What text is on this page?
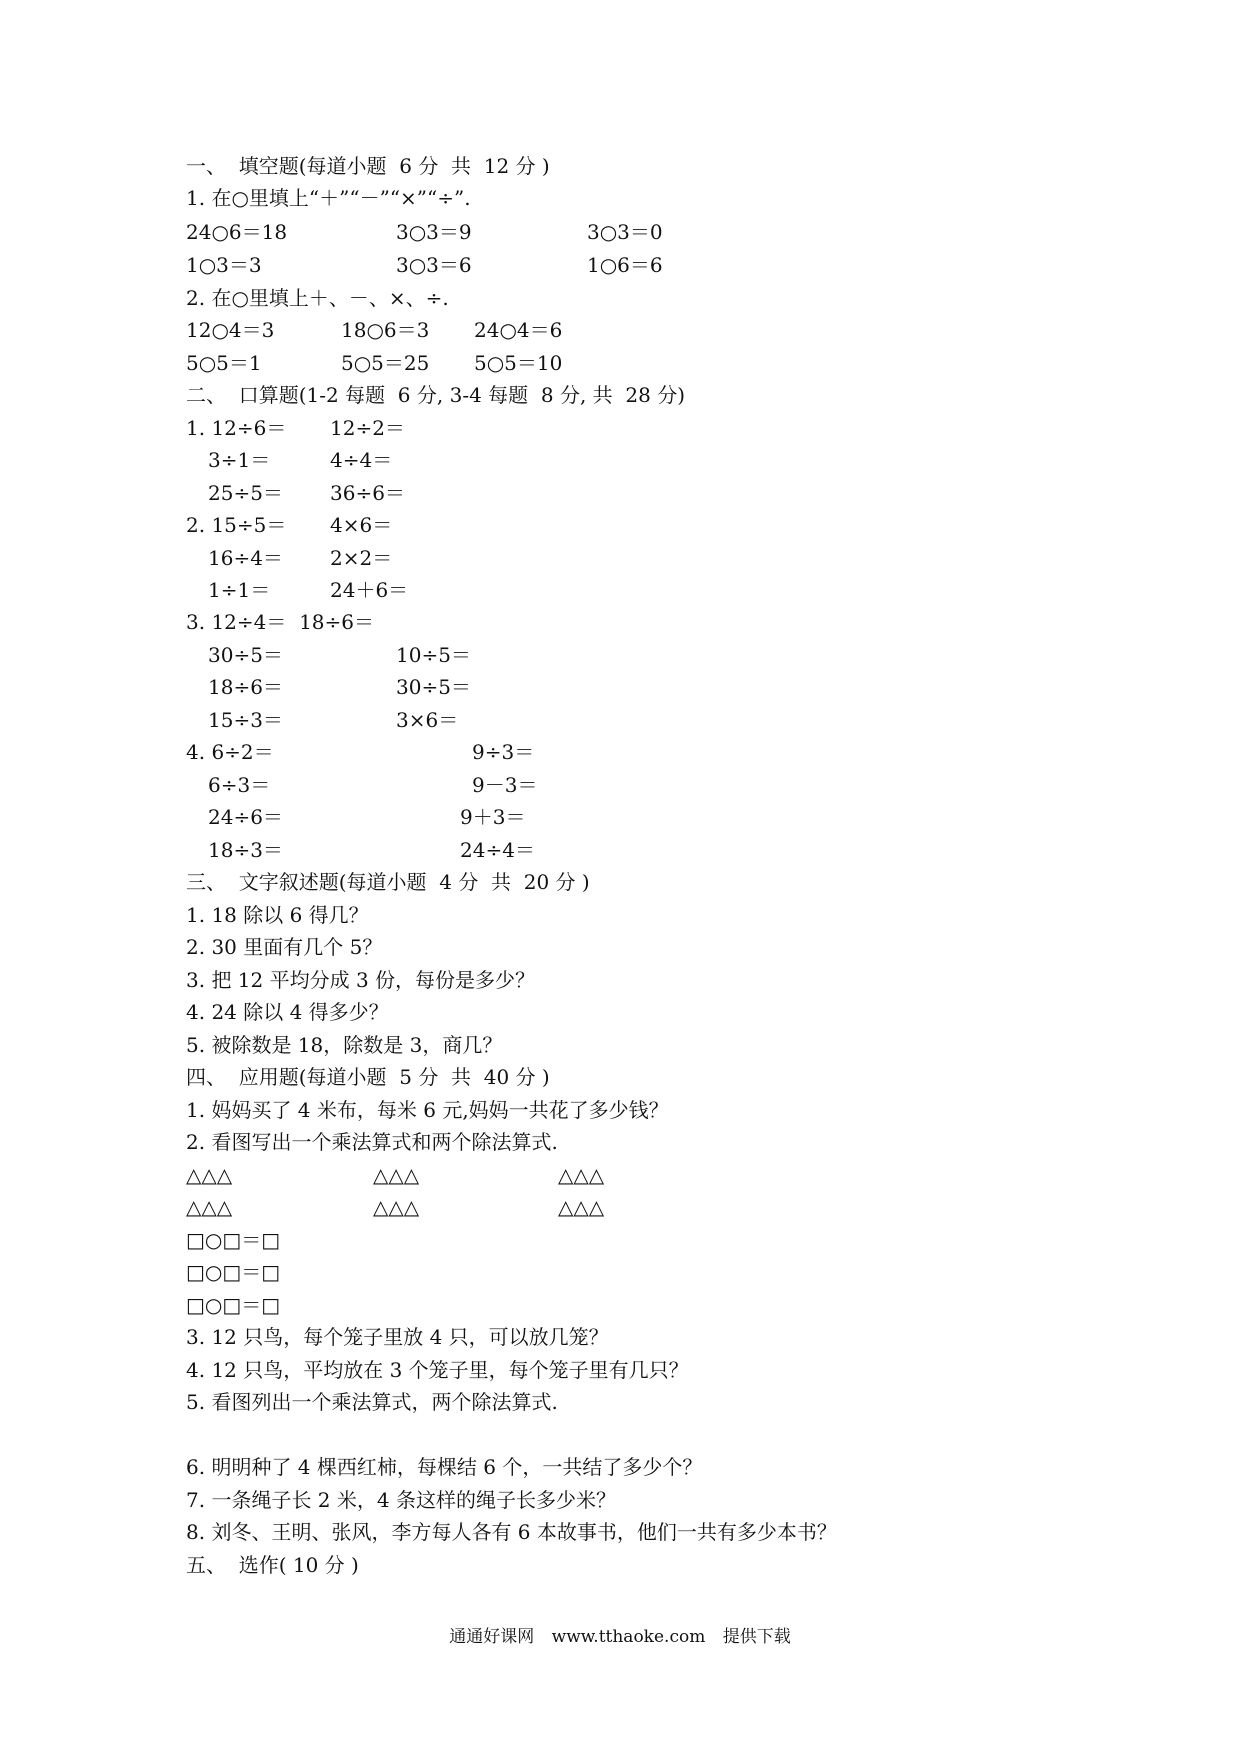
一、  填空题(每道小题  6 分  共  12 分 )
1. 在○里填上“＋”“－”“×”“÷”.
24○6＝18	3○3＝9	3○3＝0
1○3＝3	3○3＝6	1○6＝6
2. 在○里填上＋、－、×、÷.
12○4＝3	18○6＝3 24○4＝6
5○5＝1	5○5＝25 5○5＝10
二、  口算题(1-2 每题  6 分, 3-4 每题  8 分, 共  28 分)
1. 12÷6＝ 12÷2＝
3÷1＝	4÷4＝
25÷5＝ 36÷6＝
2. 15÷5＝ 4×6＝
16÷4＝ 2×2＝
1÷1＝	24＋6＝
3. 12÷4＝  18÷6＝
30÷5＝	10÷5＝
18÷6＝	30÷5＝
15÷3＝	3×6＝
4. 6÷2＝	9÷3＝
6÷3＝	9－3＝
24÷6＝	9＋3＝
18÷3＝	24÷4＝
三、  文字叙述题(每道小题  4 分  共  20 分 )
1. 18 除以 6 得几？
2. 30 里面有几个 5？
3. 把 12 平均分成 3 份，每份是多少？
4. 24 除以 4 得多少？
5. 被除数是 18，除数是 3，商几？
四、  应用题(每道小题  5 分  共  40 分 )
1. 妈妈买了 4 米布，每米 6 元,妈妈一共花了多少钱？
2. 看图写出一个乘法算式和两个除法算式.
△△△	△△△	△△△
△△△	△△△	△△△
□○□＝□
□○□＝□
□○□＝□
3. 12 只鸟，每个笼子里放 4 只，可以放几笼？
4. 12 只鸟，平均放在 3 个笼子里，每个笼子里有几只？
5. 看图列出一个乘法算式，两个除法算式.
6. 明明种了 4 棵西红柿，每棵结 6 个，一共结了多少个？
7. 一条绳子长 2 米，4 条这样的绳子长多少米？
8. 刘冬、王明、张风，李方每人各有 6 本故事书，他们一共有多少本书？
五、  选作( 10 分 )
通通好课网 www.tthaoke.com 提供下载
